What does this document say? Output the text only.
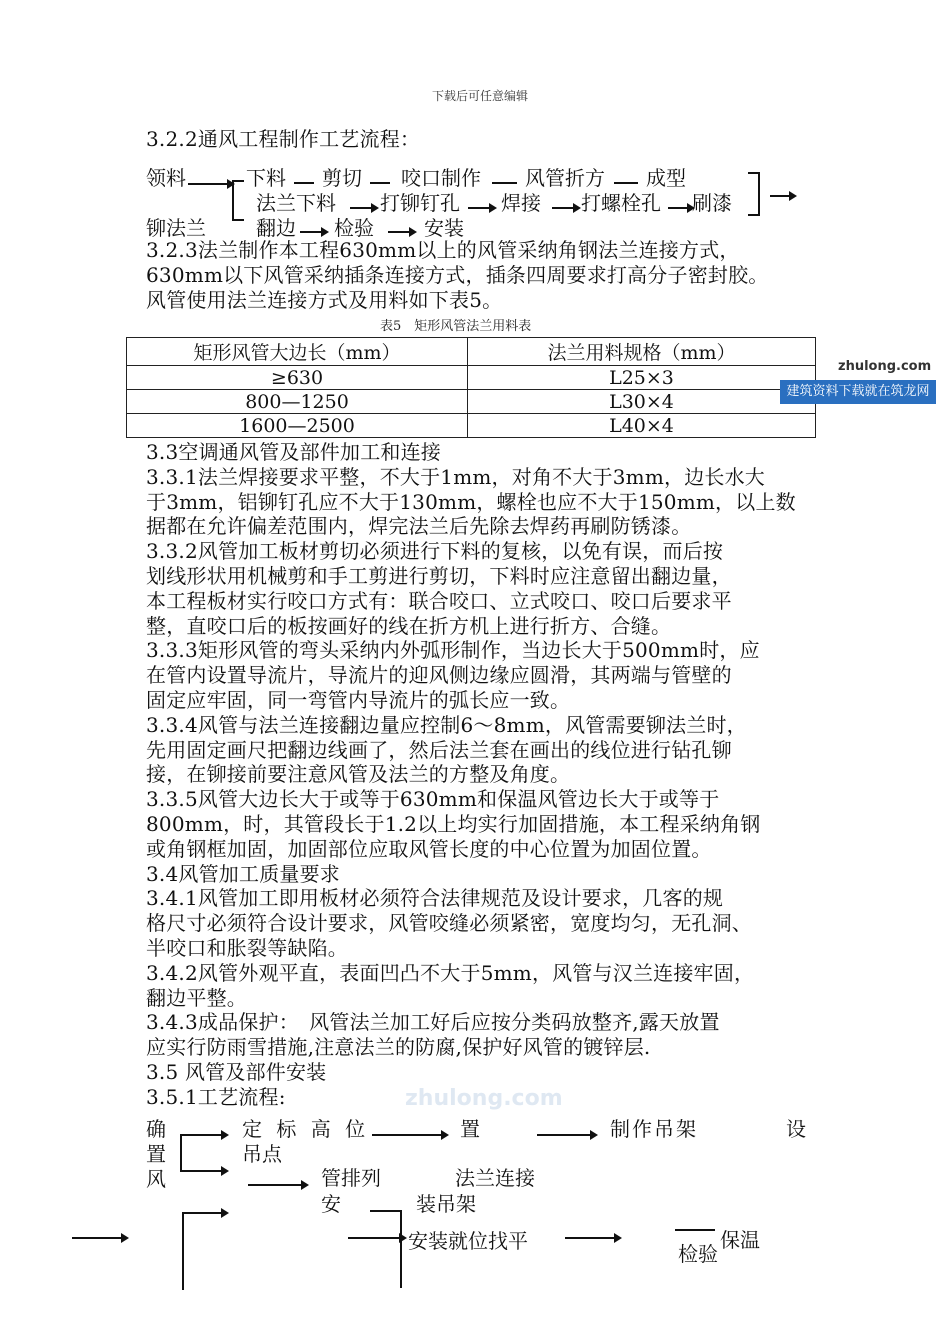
下载后可任意编辑
zhulong.com
3.2.2通风工程制作工艺流程：
领料	下料 剪切 咬口制作 风管折方 成型
法兰下料 打铆钉孔 焊接 打螺栓孔 刷漆
铆法兰	翻边 检验	安装
3.2.3法兰制作本工程630mm以上的风管采纳角钢法兰连接方式，
630mm以下风管采纳插条连接方式，插条四周要求打高分子密封胶。
风管使用法兰连接方式及用料如下表5。
表5　矩形风管法兰用料表
矩形风管大边长（mm）	法兰用料规格（mm）
≥630	L25×3
800—1250	L30×4
1600—2500	L40×4
zhulong.com
建筑资料下载就在筑龙网
3.3空调通风管及部件加工和连接
3.3.1法兰焊接要求平整，不大于1mm，对角不大于3mm，边长水大
于3mm，铝铆钉孔应不大于130mm，螺栓也应不大于150mm，以上数
据都在允许偏差范围内，焊完法兰后先除去焊药再刷防锈漆。
3.3.2风管加工板材剪切必须进行下料的复核，以免有误，而后按
划线形状用机械剪和手工剪进行剪切，下料时应注意留出翻边量，
本工程板材实行咬口方式有：联合咬口、立式咬口、咬口后要求平
整，直咬口后的板按画好的线在折方机上进行折方、合缝。
3.3.3矩形风管的弯头采纳内外弧形制作，当边长大于500mm时，应
在管内设置导流片，导流片的迎风侧边缘应圆滑，其两端与管壁的
固定应牢固，同一弯管内导流片的弧长应一致。
3.3.4风管与法兰连接翻边量应控制6～8mm，风管需要铆法兰时，
先用固定画尺把翻边线画了，然后法兰套在画出的线位进行钻孔铆
接，在铆接前要注意风管及法兰的方整及角度。
3.3.5风管大边长大于或等于630mm和保温风管边长大于或等于
800mm，时，其管段长于1.2以上均实行加固措施，本工程采纳角钢
或角钢框加固，加固部位应取风管长度的中心位置为加固位置。
3.4风管加工质量要求
3.4.1风管加工即用板材必须符合法律规范及设计要求，几客的规
格尺寸必须符合设计要求，风管咬缝必须紧密，宽度均匀，无孔洞、
半咬口和胀裂等缺陷。
3.4.2风管外观平直，表面凹凸不大于5mm，风管与汉兰连接牢固，
翻边平整。
3.4.3成品保护：　风管法兰加工好后应按分类码放整齐,露天放置
应实行防雨雪措施,注意法兰的防腐,保护好风管的镀锌层.
3.5 风管及部件安装
3.5.1工艺流程:
确
置
风
定 标 高 位
吊点
置	制作吊架	设
管排列
安
法兰连接
装吊架
安装就位找平	保温
检验
